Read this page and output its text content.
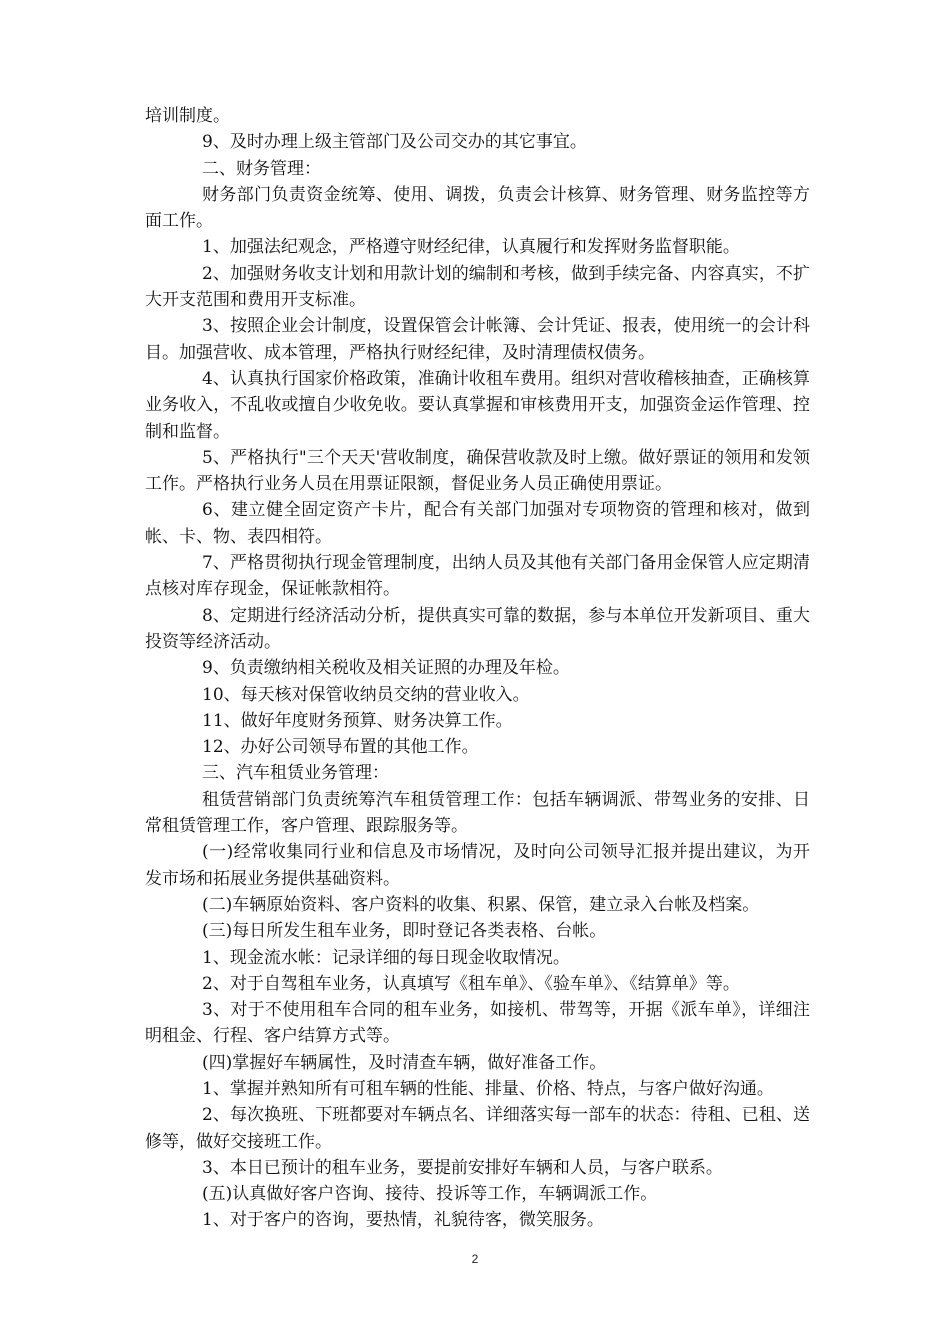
培训制度。

9、及时办理上级主管部门及公司交办的其它事宜。

二、财务管理：

财务部门负责资金统筹、使用、调拨，负责会计核算、财务管理、财务监控等方面工作。

1、加强法纪观念，严格遵守财经纪律，认真履行和发挥财务监督职能。

2、加强财务收支计划和用款计划的编制和考核，做到手续完备、内容真实，不扩大开支范围和费用开支标准。

3、按照企业会计制度，设置保管会计帐簿、会计凭证、报表，使用统一的会计科目。加强营收、成本管理，严格执行财经纪律，及时清理债权债务。

4、认真执行国家价格政策，准确计收租车费用。组织对营收稽核抽查，正确核算业务收入，不乱收或擅自少收免收。要认真掌握和审核费用开支，加强资金运作管理、控制和监督。

5、严格执行"三个天天'营收制度，确保营收款及时上缴。做好票证的领用和发领工作。严格执行业务人员在用票证限额，督促业务人员正确使用票证。

6、建立健全固定资产卡片，配合有关部门加强对专项物资的管理和核对，做到帐、卡、物、表四相符。

7、严格贯彻执行现金管理制度，出纳人员及其他有关部门备用金保管人应定期清点核对库存现金，保证帐款相符。

8、定期进行经济活动分析，提供真实可靠的数据，参与本单位开发新项目、重大投资等经济活动。

9、负责缴纳相关税收及相关证照的办理及年检。

10、每天核对保管收纳员交纳的营业收入。

11、做好年度财务预算、财务决算工作。

12、办好公司领导布置的其他工作。

三、汽车租赁业务管理：

租赁营销部门负责统筹汽车租赁管理工作：包括车辆调派、带驾业务的安排、日常租赁管理工作，客户管理、跟踪服务等。

(一)经常收集同行业和信息及市场情况，及时向公司领导汇报并提出建议，为开发市场和拓展业务提供基础资料。

(二)车辆原始资料、客户资料的收集、积累、保管，建立录入台帐及档案。

(三)每日所发生租车业务，即时登记各类表格、台帐。

1、现金流水帐：记录详细的每日现金收取情况。

2、对于自驾租车业务，认真填写《租车单》、《验车单》、《结算单》等。

3、对于不使用租车合同的租车业务，如接机、带驾等，开据《派车单》，详细注明租金、行程、客户结算方式等。

(四)掌握好车辆属性，及时清查车辆，做好准备工作。

1、掌握并熟知所有可租车辆的性能、排量、价格、特点，与客户做好沟通。

2、每次换班、下班都要对车辆点名、详细落实每一部车的状态：待租、已租、送修等，做好交接班工作。

3、本日已预计的租车业务，要提前安排好车辆和人员，与客户联系。

(五)认真做好客户咨询、接待、投诉等工作，车辆调派工作。

1、对于客户的咨询，要热情，礼貌待客，微笑服务。

2
